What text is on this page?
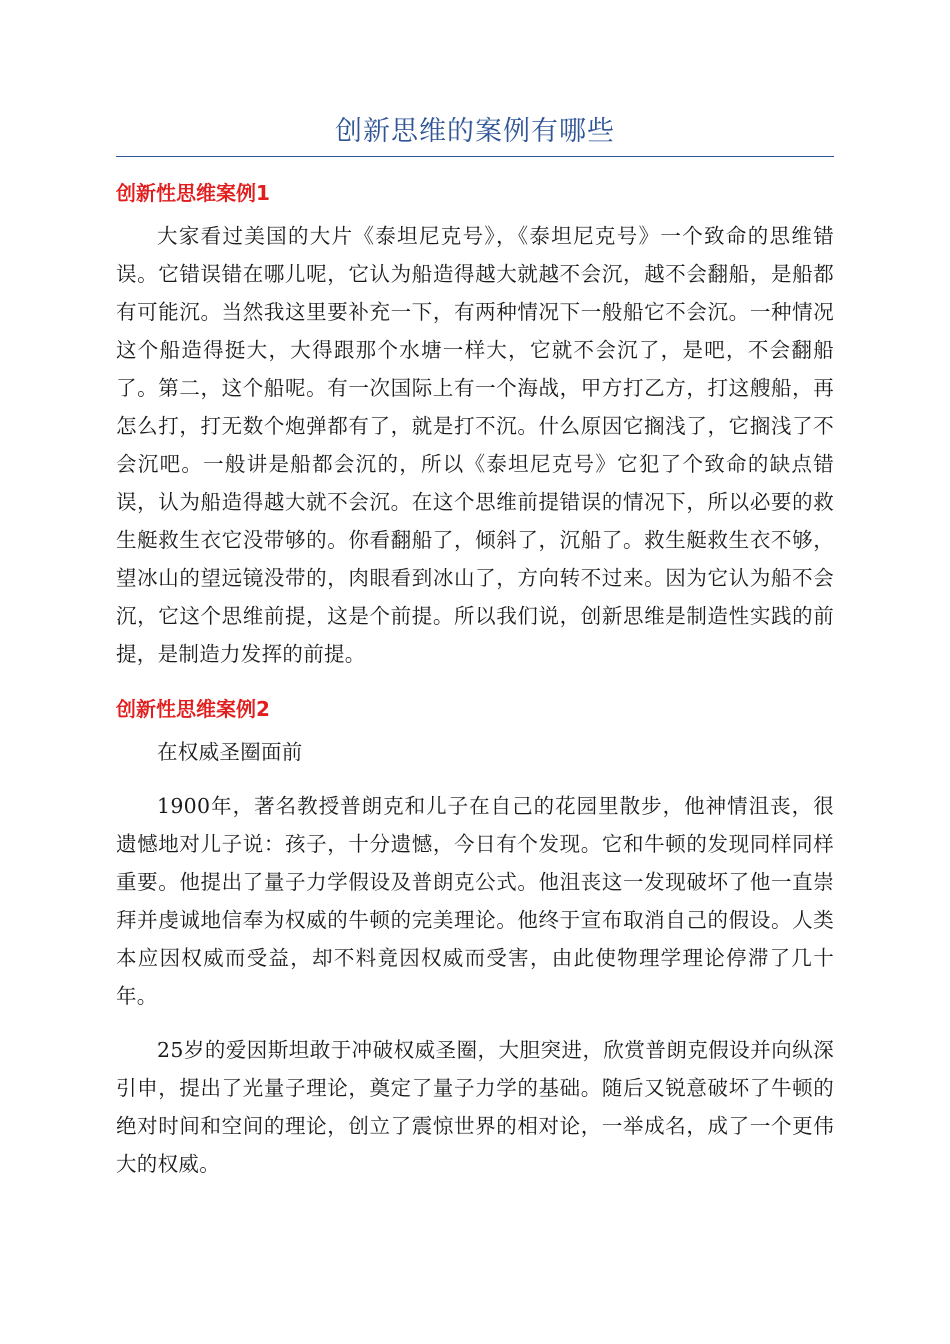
创新思维的案例有哪些
创新性思维案例1

大家看过美国的大片《泰坦尼克号》，《泰坦尼克号》一个致命的思维错误。它错误错在哪儿呢，它认为船造得越大就越不会沉，越不会翻船，是船都有可能沉。当然我这里要补充一下，有两种情况下一般船它不会沉。一种情况这个船造得挺大，大得跟那个水塘一样大，它就不会沉了，是吧，不会翻船了。第二，这个船呢。有一次国际上有一个海战，甲方打乙方，打这艘船，再怎么打，打无数个炮弹都有了，就是打不沉。什么原因它搁浅了，它搁浅了不会沉吧。一般讲是船都会沉的，所以《泰坦尼克号》它犯了个致命的缺点错误，认为船造得越大就不会沉。在这个思维前提错误的情况下，所以必要的救生艇救生衣它没带够的。你看翻船了，倾斜了，沉船了。救生艇救生衣不够，望冰山的望远镜没带的，肉眼看到冰山了，方向转不过来。因为它认为船不会沉，它这个思维前提，这是个前提。所以我们说，创新思维是制造性实践的前提，是制造力发挥的前提。

创新性思维案例2

在权威圣圈面前

1900年，著名教授普朗克和儿子在自己的花园里散步，他神情沮丧，很遗憾地对儿子说：孩子，十分遗憾，今日有个发现。它和牛顿的发现同样同样重要。他提出了量子力学假设及普朗克公式。他沮丧这一发现破坏了他一直崇拜并虔诚地信奉为权威的牛顿的完美理论。他终于宣布取消自己的假设。人类本应因权威而受益，却不料竟因权威而受害，由此使物理学理论停滞了几十年。

25岁的爱因斯坦敢于冲破权威圣圈，大胆突进，欣赏普朗克假设并向纵深引申，提出了光量子理论，奠定了量子力学的基础。随后又锐意破坏了牛顿的绝对时间和空间的理论，创立了震惊世界的相对论，一举成名，成了一个更伟大的权威。
